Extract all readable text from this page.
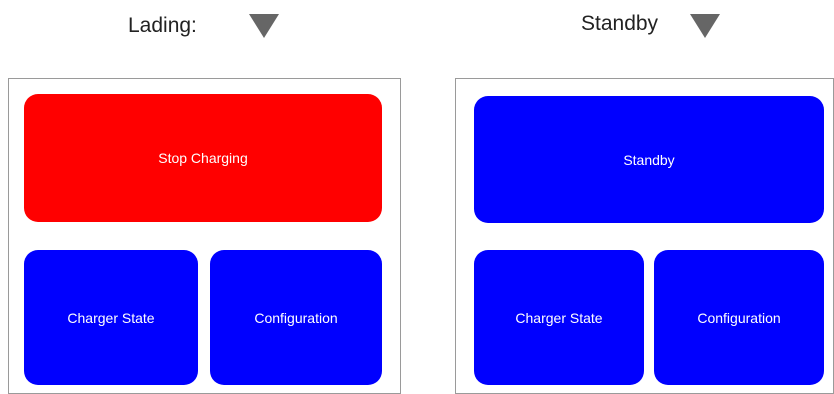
Lading:	Standby
Stop Charging
Charger State	Configuration
Standby
Charger State	Configuration
